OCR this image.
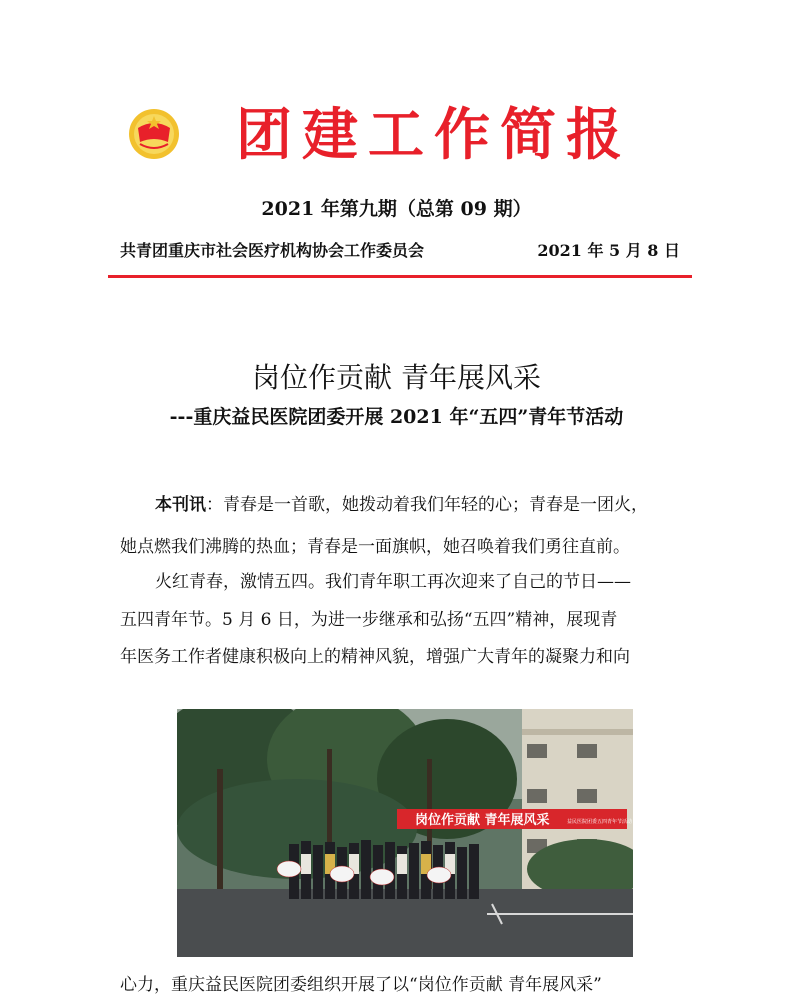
团建工作简报
2021 年第九期（总第 09 期）
共青团重庆市社会医疗机构协会工作委员会	2021 年 5 月 8 日
岗位作贡献 青年展风采
---重庆益民医院团委开展 2021 年“五四”青年节活动
本刊讯：青春是一首歌，她拨动着我们年轻的心；青春是一团火，
她点燃我们沸腾的热血；青春是一面旗帜，她召唤着我们勇往直前。
火红青春，激情五四。我们青年职工再次迎来了自己的节日——
五四青年节。5 月 6 日，为进一步继承和弘扬“五四”精神，展现青
年医务工作者健康积极向上的精神风貌，增强广大青年的凝聚力和向
岗位作贡献 青年展风采	益民医院团委五四青年节活动
心力，重庆益民医院团委组织开展了以“岗位作贡献 青年展风采”
